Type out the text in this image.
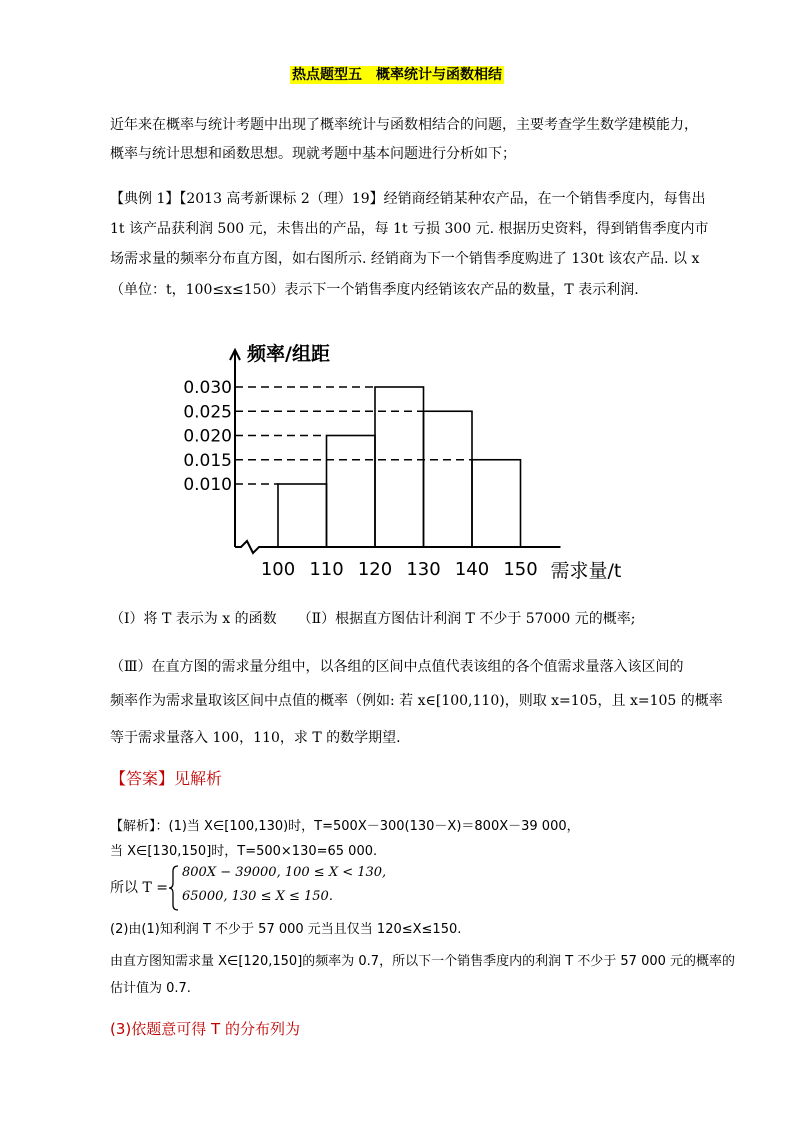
热点题型五　概率统计与函数相结
近年来在概率与统计考题中出现了概率统计与函数相结合的问题，主要考查学生数学建模能力，
概率与统计思想和函数思想。现就考题中基本问题进行分析如下；
【典例 1】【2013 高考新课标 2（理）19】经销商经销某种农产品，在一个销售季度内，每售出
1t 该产品获利润 500 元，未售出的产品，每 1t 亏损 300 元. 根据历史资料，得到销售季度内市
场需求量的频率分布直方图，如右图所示. 经销商为下一个销售季度购进了 130t 该农产品. 以 x
（单位：t，100≤x≤150）表示下一个销售季度内经销该农产品的数量，T 表示利润.
频率/组距
0.010
0.015
0.020
0.025
0.030
100 110 120 130 140 150 需求量/t
（Ⅰ）将 T 表示为 x 的函数　　（Ⅱ）根据直方图估计利润 T 不少于 57000 元的概率;
（Ⅲ）在直方图的需求量分组中，以各组的区间中点值代表该组的各个值需求量落入该区间的
频率作为需求量取该区间中点值的概率（例如: 若 x∈[100,110)，则取 x=105，且 x=105 的概率
等于需求量落入 100，110，求 T 的数学期望.
【答案】见解析
【解析】：(1)当 X∈[100,130)时，T=500X－300(130－X)＝800X－39 000，
当 X∈[130,150]时，T=500×130=65 000.
所以 T =
800X − 39000, 100 ≤ X < 130,
65000, 130 ≤ X ≤ 150.
(2)由(1)知利润 T 不少于 57 000 元当且仅当 120≤X≤150.
由直方图知需求量 X∈[120,150]的频率为 0.7，所以下一个销售季度内的利润 T 不少于 57 000 元的概率的
估计值为 0.7.
(3)依题意可得 T 的分布列为
